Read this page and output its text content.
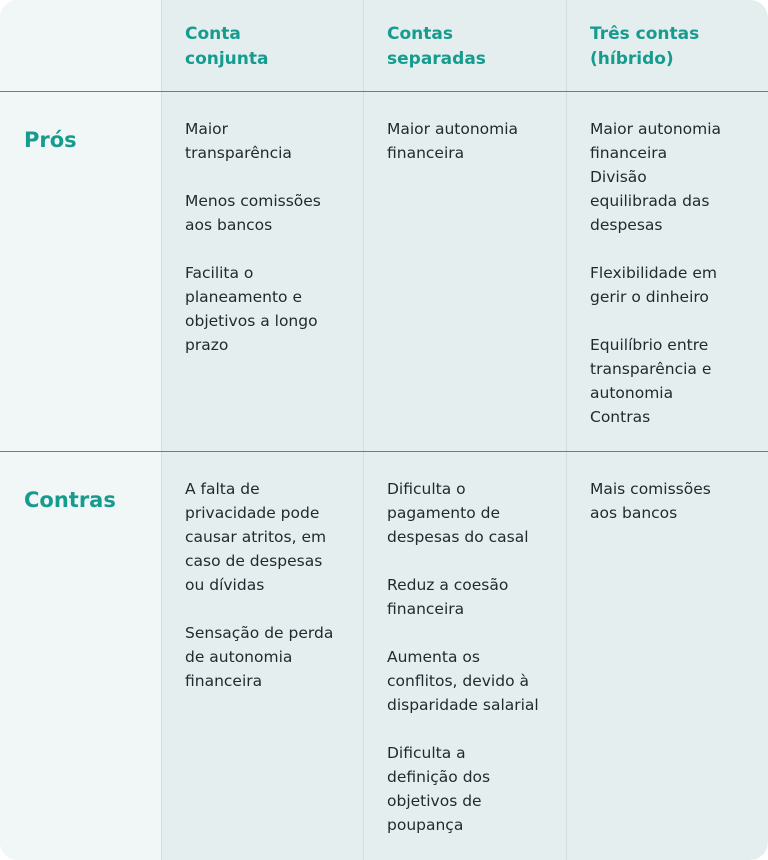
Conta
conjunta
Contas
separadas
Três contas
(híbrido)
Prós	Maior
transparência

Menos comissões
aos bancos

Facilita o
planeamento e
objetivos a longo
prazo
Maior autonomia
financeira
Maior autonomia
financeira
Divisão
equilibrada das
despesas

Flexibilidade em
gerir o dinheiro

Equilíbrio entre
transparência e
autonomia
Contras
Contras	A falta de
privacidade pode
causar atritos, em
caso de despesas
ou dívidas

Sensação de perda
de autonomia
financeira
Dificulta o
pagamento de
despesas do casal

Reduz a coesão
financeira

Aumenta os
conflitos, devido à
disparidade salarial

Dificulta a
definição dos
objetivos de
poupança
Mais comissões
aos bancos
